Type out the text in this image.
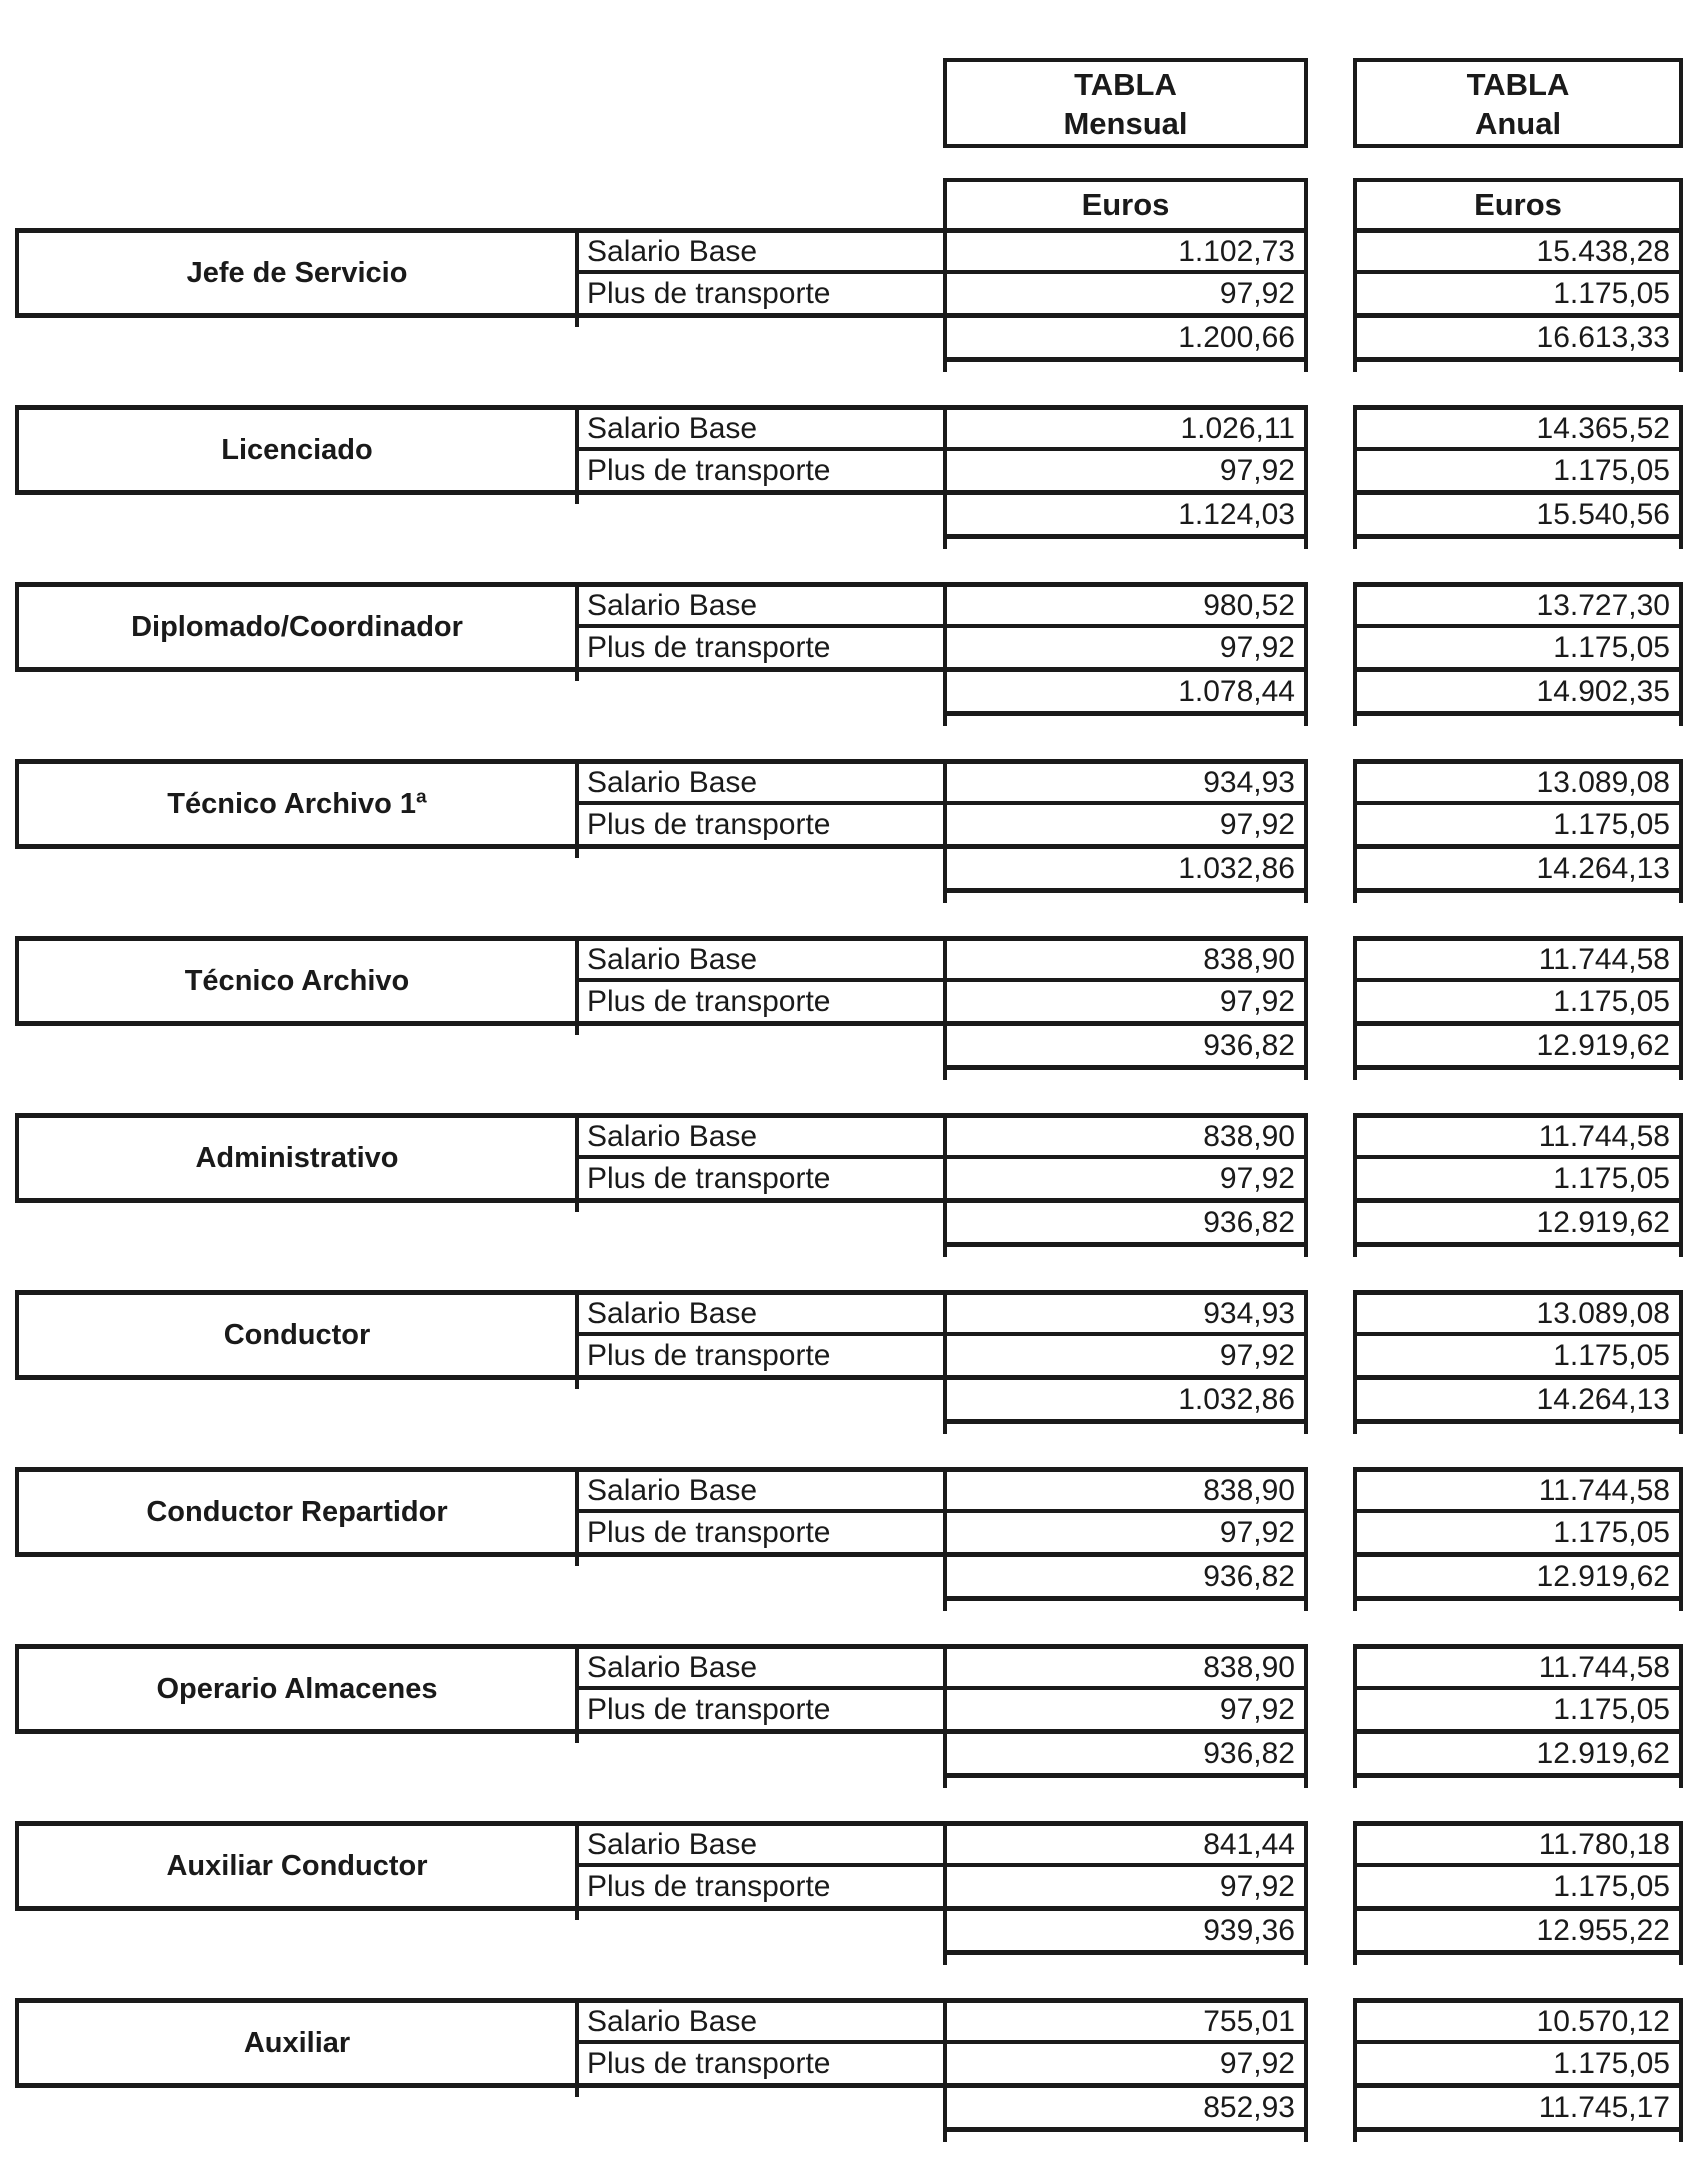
TABLA
Mensual
TABLA
Anual
Euros	Euros
Jefe de Servicio
Salario Base
Plus de transporte
1.102,73
97,92
1.200,66
15.438,28
1.175,05
16.613,33
Licenciado
Salario Base
Plus de transporte
1.026,11
97,92
1.124,03
14.365,52
1.175,05
15.540,56
Diplomado/Coordinador
Salario Base
Plus de transporte
980,52
97,92
1.078,44
13.727,30
1.175,05
14.902,35
Técnico Archivo 1ª
Salario Base
Plus de transporte
934,93
97,92
1.032,86
13.089,08
1.175,05
14.264,13
Técnico Archivo
Salario Base
Plus de transporte
838,90
97,92
936,82
11.744,58
1.175,05
12.919,62
Administrativo
Salario Base
Plus de transporte
838,90
97,92
936,82
11.744,58
1.175,05
12.919,62
Conductor
Salario Base
Plus de transporte
934,93
97,92
1.032,86
13.089,08
1.175,05
14.264,13
Conductor Repartidor
Salario Base
Plus de transporte
838,90
97,92
936,82
11.744,58
1.175,05
12.919,62
Operario Almacenes
Salario Base
Plus de transporte
838,90
97,92
936,82
11.744,58
1.175,05
12.919,62
Auxiliar Conductor
Salario Base
Plus de transporte
841,44
97,92
939,36
11.780,18
1.175,05
12.955,22
Auxiliar
Salario Base
Plus de transporte
755,01
97,92
852,93
10.570,12
1.175,05
11.745,17
